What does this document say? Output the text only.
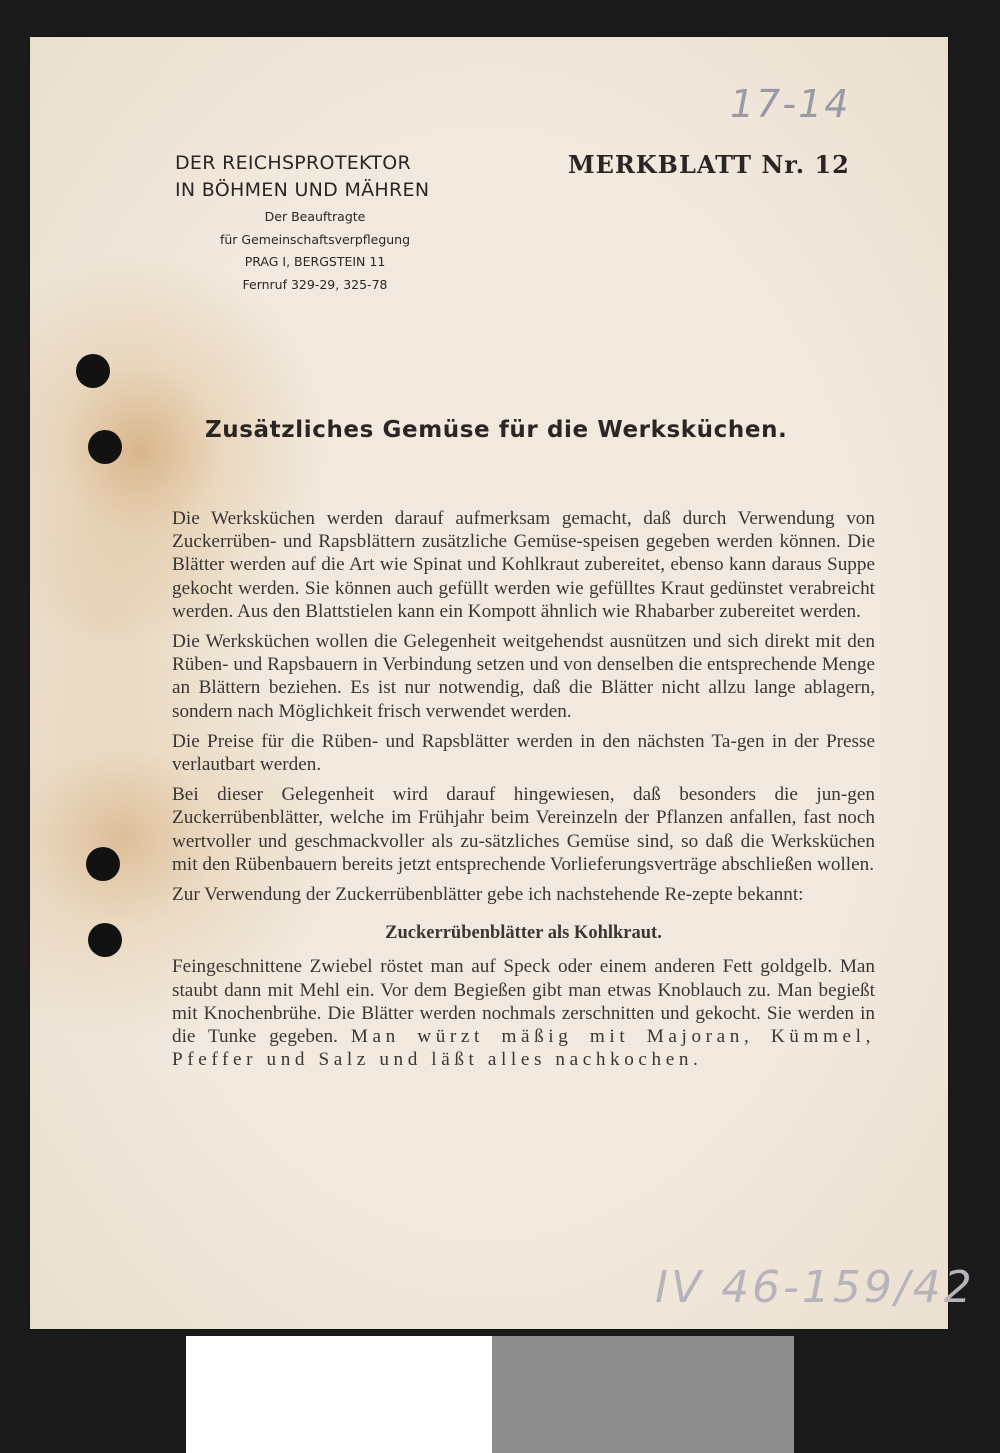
17-14
DER REICHSPROTEKTOR
IN BÖHMEN UND MÄHREN
Der Beauftragte
für Gemeinschaftsverpflegung
PRAG I, BERGSTEIN 11
Fernruf 329-29, 325-78
MERKBLATT Nr. 12
Zusätzliches Gemüse für die Werksküchen.

Die Werksküchen werden darauf aufmerksam gemacht, daß durch Verwendung von Zuckerrüben- und Rapsblättern zusätzliche Gemüse-speisen gegeben werden können. Die Blätter werden auf die Art wie Spinat und Kohlkraut zubereitet, ebenso kann daraus Suppe gekocht werden. Sie können auch gefüllt werden wie gefülltes Kraut gedünstet verabreicht werden. Aus den Blattstielen kann ein Kompott ähnlich wie Rhabarber zubereitet werden.

Die Werksküchen wollen die Gelegenheit weitgehendst ausnützen und sich direkt mit den Rüben- und Rapsbauern in Verbindung setzen und von denselben die entsprechende Menge an Blättern beziehen. Es ist nur notwendig, daß die Blätter nicht allzu lange ablagern, sondern nach Möglichkeit frisch verwendet werden.

Die Preise für die Rüben- und Rapsblätter werden in den nächsten Ta-gen in der Presse verlautbart werden.

Bei dieser Gelegenheit wird darauf hingewiesen, daß besonders die jun-gen Zuckerrübenblätter, welche im Frühjahr beim Vereinzeln der Pflanzen anfallen, fast noch wertvoller und geschmackvoller als zu-sätzliches Gemüse sind, so daß die Werksküchen mit den Rübenbauern bereits jetzt entsprechende Vorlieferungsverträge abschließen wollen.

Zur Verwendung der Zuckerrübenblätter gebe ich nachstehende Re-zepte bekannt:

Zuckerrübenblätter als Kohlkraut.

Feingeschnittene Zwiebel röstet man auf Speck oder einem anderen Fett goldgelb. Man staubt dann mit Mehl ein. Vor dem Begießen gibt man etwas Knoblauch zu. Man begießt mit Knochenbrühe. Die Blätter werden nochmals zerschnitten und gekocht. Sie werden in die Tunke gegeben. Man würzt mäßig mit Majoran, Kümmel, Pfeffer und Salz und läßt alles nachkochen.

IV 46-159/42
